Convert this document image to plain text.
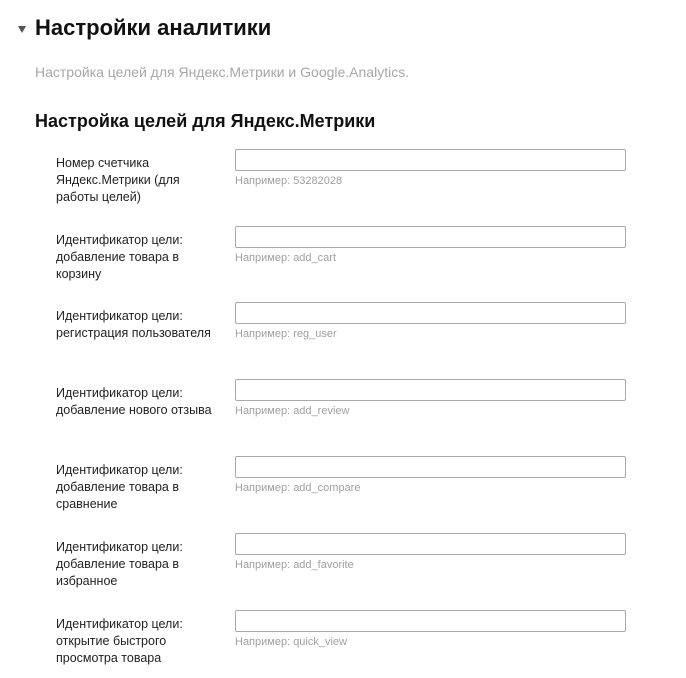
Настройки аналитики
Настройка целей для Яндекс.Метрики и Google.Analytics.
Настройка целей для Яндекс.Метрики
Номер счетчика Яндекс.Метрики (для работы целей)
Например: 53282028
Идентификатор цели: добавление товара в корзину
Например: add_cart
Идентификатор цели: регистрация пользователя	Например: reg_user
Идентификатор цели: добавление нового отзыва	Например: add_review
Идентификатор цели: добавление товара в сравнение
Например: add_compare
Идентификатор цели: добавление товара в избранное
Например: add_favorite
Идентификатор цели: открытие быстрого просмотра товара
Например: quick_view
